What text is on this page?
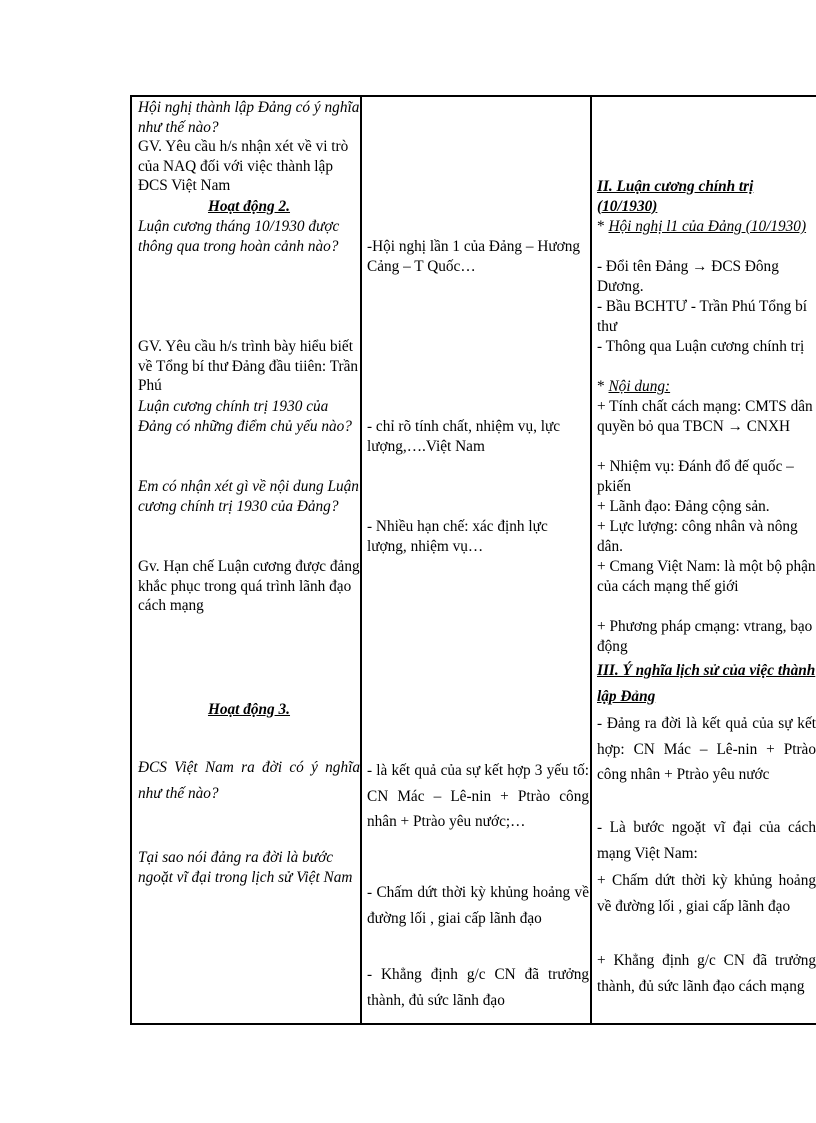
Hội nghị thành lập Đảng có ý nghĩa như thế nào?
GV. Yêu cầu h/s nhận xét về vi trò của NAQ đối với việc thành lập ĐCS Việt Nam
Hoạt động 2.
Luận cương tháng 10/1930 được thông qua trong hoàn cảnh nào?
GV. Yêu cầu h/s trình bày hiểu biết về Tổng bí thư Đảng đầu tiiên: Trần Phú
Luận cương chính trị 1930 của Đảng có những điểm chủ yếu nào?
Em có nhận xét gì về nội dung Luận cương chính trị 1930 của Đảng?
Gv. Hạn chế Luận cương được đảng khắc phục trong quá trình lãnh đạo cách mạng
Hoạt động 3.
ĐCS Việt Nam ra đời có ý nghĩa như thế nào?
Tại sao nói đảng ra đời là bước ngoặt vĩ đại trong lịch sử Việt Nam
-Hội nghị lần 1 của Đảng – Hương Cảng – T Quốc…
- chỉ rõ tính chất, nhiệm vụ, lực lượng,….Việt Nam
- Nhiều hạn chế: xác định lực lượng, nhiệm vụ…
- là kết quả của sự kết hợp 3 yếu tố: CN Mác – Lê-nin + Ptrào công nhân + Ptrào yêu nước;…
- Chấm dứt thời kỳ khủng hoảng về đường lối , giai cấp lãnh đạo
- Khẳng định g/c CN đã trưởng thành, đủ sức lãnh đạo
II. Luận cương chính trị (10/1930)
* Hội nghị l1 của Đảng (10/1930)
- Đổi tên Đảng → ĐCS Đông Dương.
- Bầu BCHTƯ - Trần Phú Tổng bí thư
- Thông qua Luận cương chính trị
* Nội dung:
+ Tính chất cách mạng: CMTS dân quyền bỏ qua TBCN → CNXH
+ Nhiệm vụ: Đánh đổ đế quốc – pkiến
+ Lãnh đạo: Đảng cộng sản.
+ Lực lượng: công nhân và nông dân.
+ Cmang Việt Nam: là một bộ phận của cách mạng thế giới
+ Phương pháp cmạng: vtrang, bạo động
III. Ý nghĩa lịch sử của việc thành lập Đảng
- Đảng ra đời là kết quả của sự kết hợp: CN Mác – Lê-nin + Ptrào công nhân + Ptrào yêu nước
- Là bước ngoặt vĩ đại của cách mạng Việt Nam:
+ Chấm dứt thời kỳ khủng hoảng về đường lối , giai cấp lãnh đạo
+ Khẳng định g/c CN đã trưởng thành, đủ sức lãnh đạo cách mạng
